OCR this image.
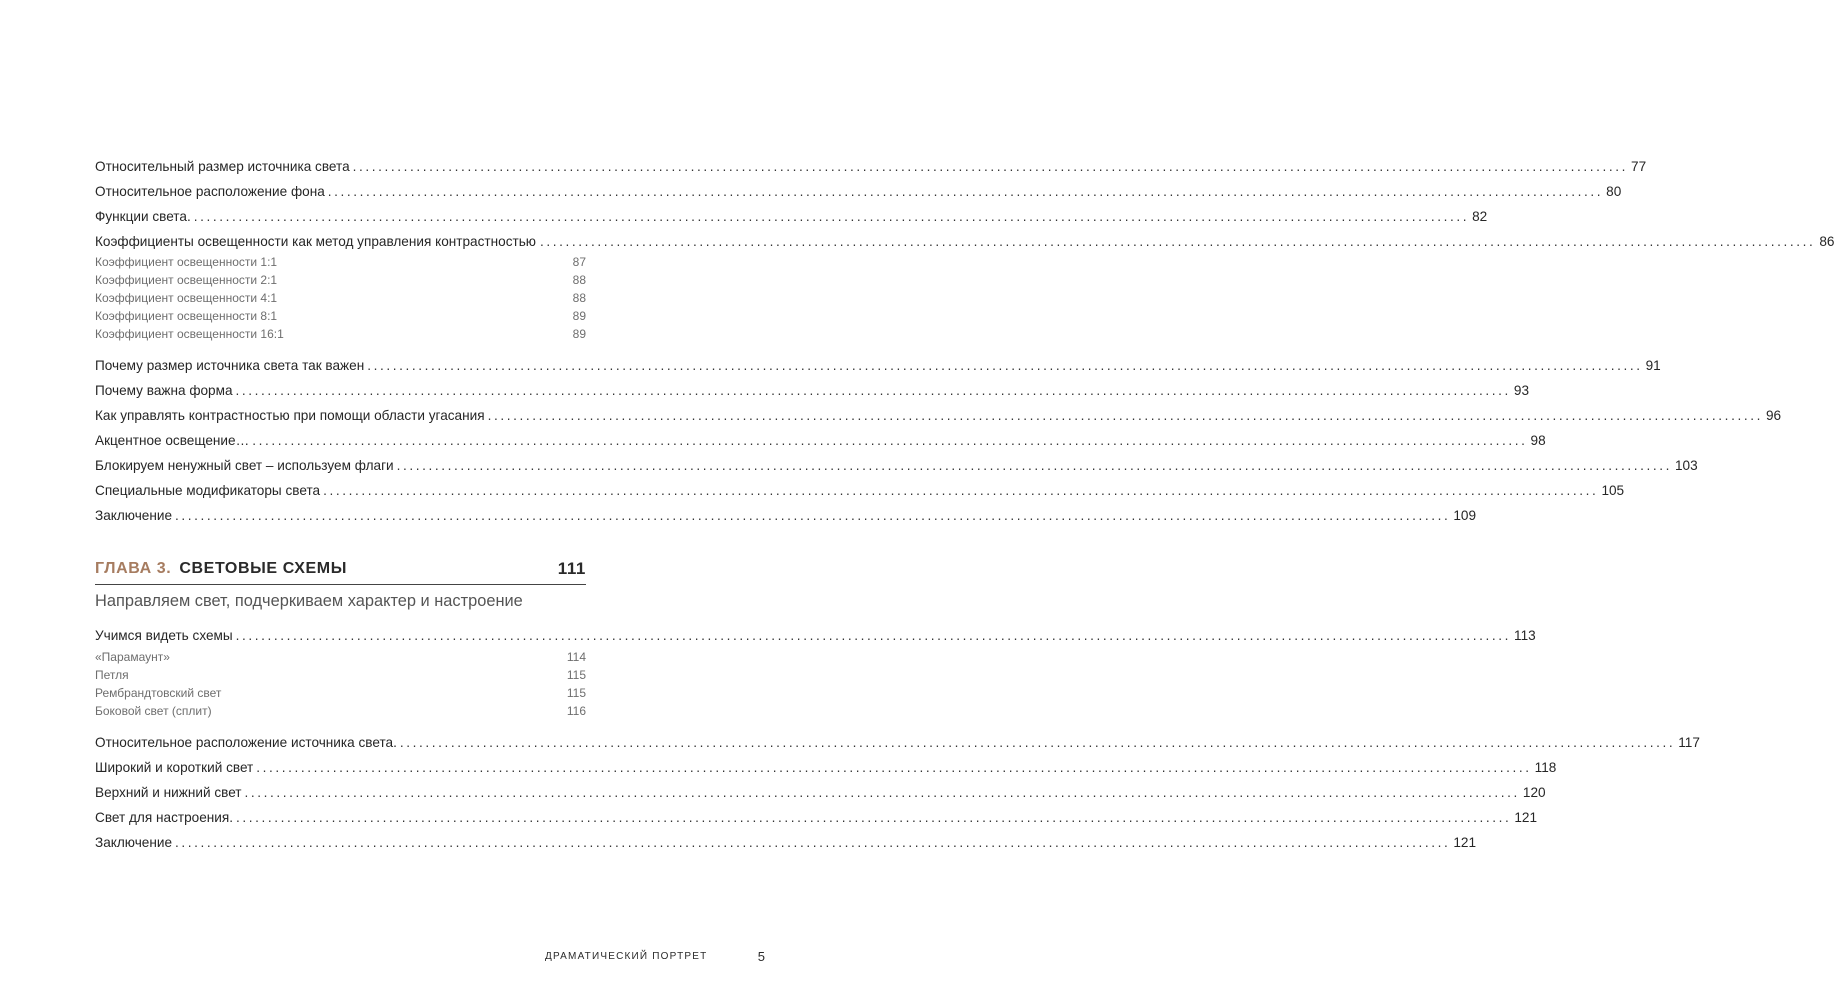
Относительный размер источника света ........................................................................................................................................................................................................ 77
Относительное расположение фона ........................................................................................................................................................................................................ 80
Функции света. ........................................................................................................................................................................................................ 82
Коэффициенты освещенности как метод управления контрастностью ........................................................................................................................................................................................................ 86
Коэффициент освещенности 1:1	87
Коэффициент освещенности 2:1	88
Коэффициент освещенности 4:1	88
Коэффициент освещенности 8:1	89
Коэффициент освещенности 16:1	89
Почему размер источника света так важен ........................................................................................................................................................................................................ 91
Почему важна форма ........................................................................................................................................................................................................ 93
Как управлять контрастностью при помощи области угасания ........................................................................................................................................................................................................ 96
Акцентное освещение… ........................................................................................................................................................................................................ 98
Блокируем ненужный свет – используем флаги ........................................................................................................................................................................................................ 103
Специальные модификаторы света ........................................................................................................................................................................................................ 105
Заключение ........................................................................................................................................................................................................ 109
ГЛАВА 3. СВЕТОВЫЕ СХЕМЫ	111
Направляем свет, подчеркиваем характер и настроение
Учимся видеть схемы ........................................................................................................................................................................................................ 113
«Парамаунт»	114
Петля	115
Рембрандтовский свет	115
Боковой свет (сплит)	116
Относительное расположение источника света. ........................................................................................................................................................................................................ 117
Широкий и короткий свет ........................................................................................................................................................................................................ 118
Верхний и нижний свет ........................................................................................................................................................................................................ 120
Свет для настроения. ........................................................................................................................................................................................................ 121
Заключение ........................................................................................................................................................................................................ 121
ДРАМАТИЧЕСКИЙ ПОРТРЕТ	5
